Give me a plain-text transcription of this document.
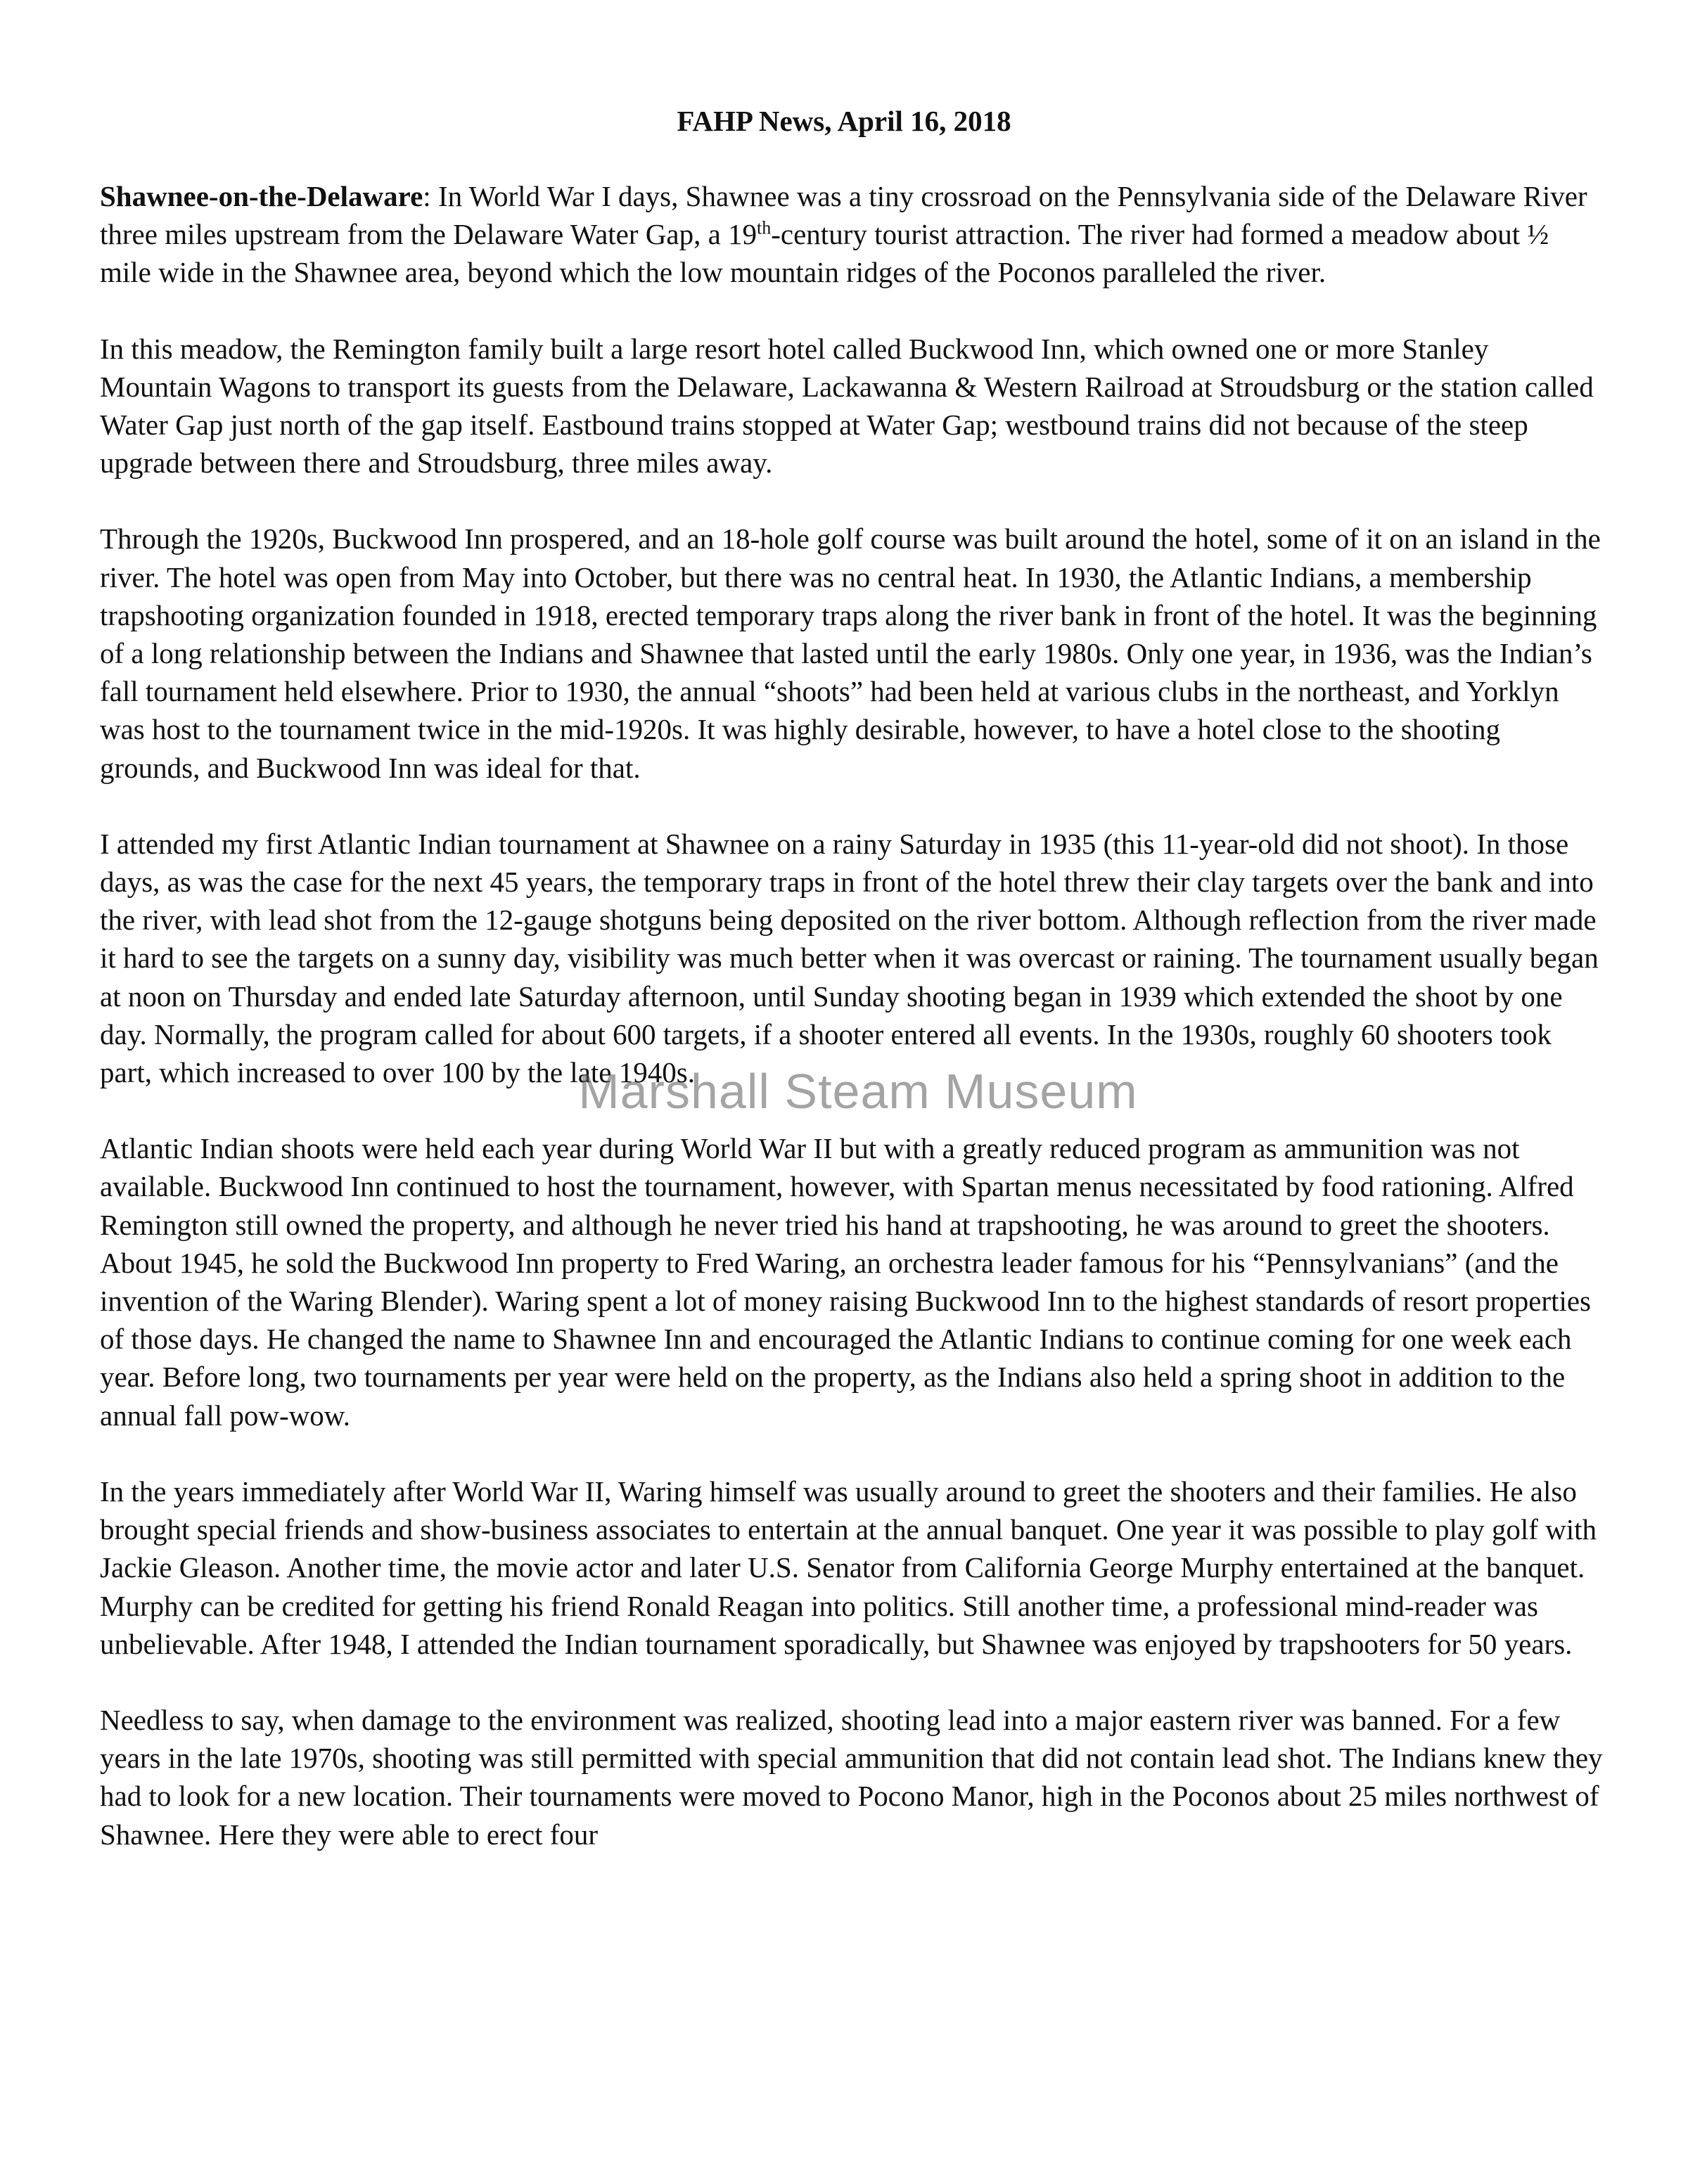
FAHP News, April 16, 2018

Shawnee-on-the-Delaware: In World War I days, Shawnee was a tiny crossroad on the Pennsylvania side of the Delaware River three miles upstream from the Delaware Water Gap, a 19th-century tourist attraction. The river had formed a meadow about ½ mile wide in the Shawnee area, beyond which the low mountain ridges of the Poconos paralleled the river.

In this meadow, the Remington family built a large resort hotel called Buckwood Inn, which owned one or more Stanley Mountain Wagons to transport its guests from the Delaware, Lackawanna & Western Railroad at Stroudsburg or the station called Water Gap just north of the gap itself. Eastbound trains stopped at Water Gap; westbound trains did not because of the steep upgrade between there and Stroudsburg, three miles away.

Through the 1920s, Buckwood Inn prospered, and an 18-hole golf course was built around the hotel, some of it on an island in the river. The hotel was open from May into October, but there was no central heat. In 1930, the Atlantic Indians, a membership trapshooting organization founded in 1918, erected temporary traps along the river bank in front of the hotel. It was the beginning of a long relationship between the Indians and Shawnee that lasted until the early 1980s. Only one year, in 1936, was the Indian’s fall tournament held elsewhere. Prior to 1930, the annual “shoots” had been held at various clubs in the northeast, and Yorklyn was host to the tournament twice in the mid-1920s. It was highly desirable, however, to have a hotel close to the shooting grounds, and Buckwood Inn was ideal for that.

I attended my first Atlantic Indian tournament at Shawnee on a rainy Saturday in 1935 (this 11-year-old did not shoot). In those days, as was the case for the next 45 years, the temporary traps in front of the hotel threw their clay targets over the bank and into the river, with lead shot from the 12-gauge shotguns being deposited on the river bottom. Although reflection from the river made it hard to see the targets on a sunny day, visibility was much better when it was overcast or raining. The tournament usually began at noon on Thursday and ended late Saturday afternoon, until Sunday shooting began in 1939 which extended the shoot by one day. Normally, the program called for about 600 targets, if a shooter entered all events. In the 1930s, roughly 60 shooters took part, which increased to over 100 by the late 1940s.

Atlantic Indian shoots were held each year during World War II but with a greatly reduced program as ammunition was not available. Buckwood Inn continued to host the tournament, however, with Spartan menus necessitated by food rationing. Alfred Remington still owned the property, and although he never tried his hand at trapshooting, he was around to greet the shooters. About 1945, he sold the Buckwood Inn property to Fred Waring, an orchestra leader famous for his “Pennsylvanians” (and the invention of the Waring Blender). Waring spent a lot of money raising Buckwood Inn to the highest standards of resort properties of those days. He changed the name to Shawnee Inn and encouraged the Atlantic Indians to continue coming for one week each year. Before long, two tournaments per year were held on the property, as the Indians also held a spring shoot in addition to the annual fall pow-wow.

In the years immediately after World War II, Waring himself was usually around to greet the shooters and their families. He also brought special friends and show-business associates to entertain at the annual banquet. One year it was possible to play golf with Jackie Gleason. Another time, the movie actor and later U.S. Senator from California George Murphy entertained at the banquet. Murphy can be credited for getting his friend Ronald Reagan into politics. Still another time, a professional mind-reader was unbelievable. After 1948, I attended the Indian tournament sporadically, but Shawnee was enjoyed by trapshooters for 50 years.

Needless to say, when damage to the environment was realized, shooting lead into a major eastern river was banned. For a few years in the late 1970s, shooting was still permitted with special ammunition that did not contain lead shot. The Indians knew they had to look for a new location. Their tournaments were moved to Pocono Manor, high in the Poconos about 25 miles northwest of Shawnee. Here they were able to erect four

Marshall Steam Museum
